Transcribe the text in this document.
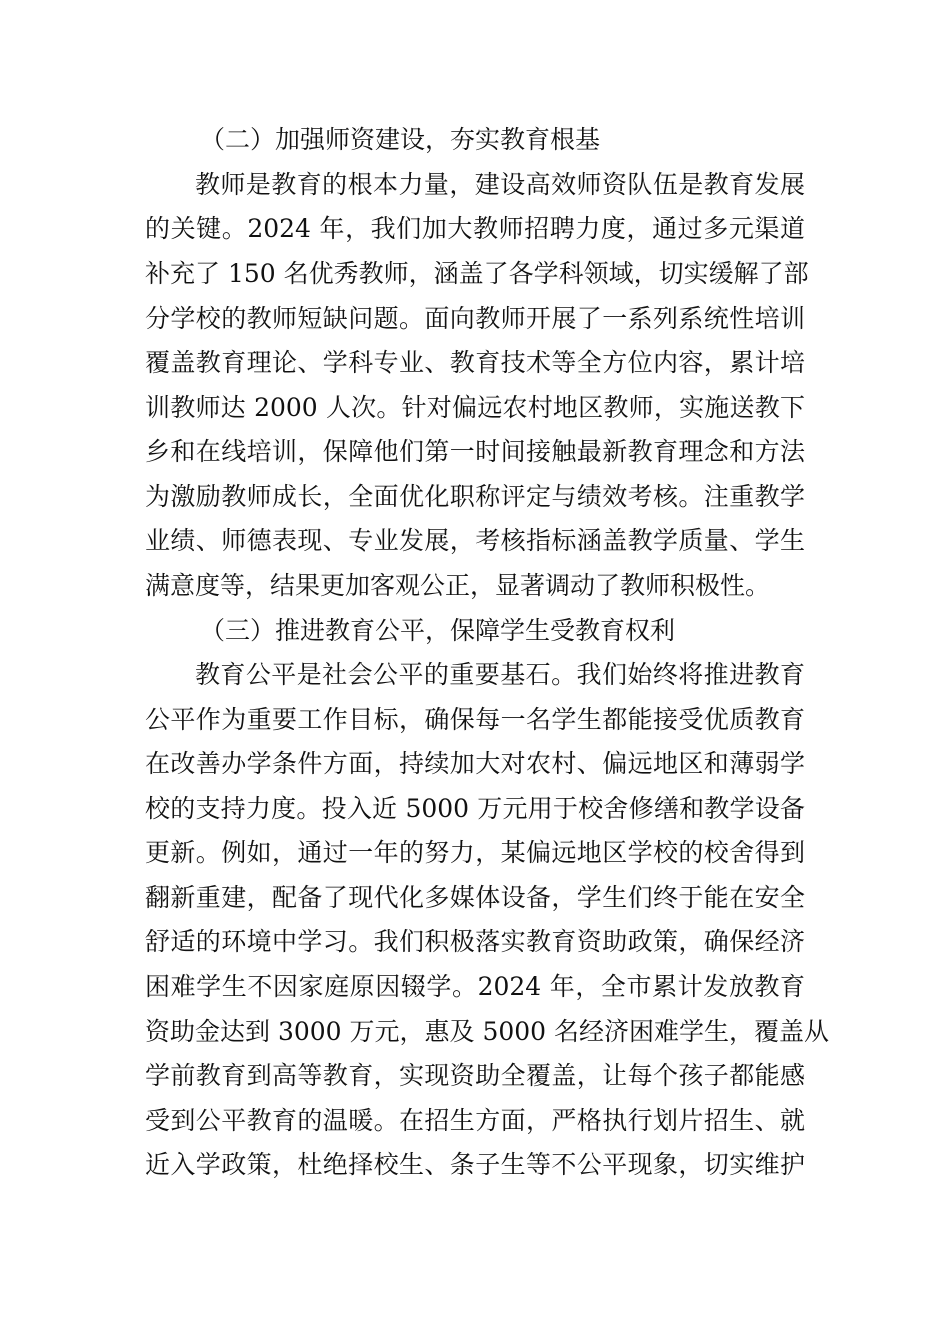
（二）加强师资建设，夯实教育根基
教师是教育的根本力量，建设高效师资队伍是教育发展
的关键。2024 年，我们加大教师招聘力度，通过多元渠道
补充了 150 名优秀教师，涵盖了各学科领域，切实缓解了部
分学校的教师短缺问题。面向教师开展了一系列系统性培训
覆盖教育理论、学科专业、教育技术等全方位内容，累计培
训教师达 2000 人次。针对偏远农村地区教师，实施送教下
乡和在线培训，保障他们第一时间接触最新教育理念和方法
为激励教师成长，全面优化职称评定与绩效考核。注重教学
业绩、师德表现、专业发展，考核指标涵盖教学质量、学生
满意度等，结果更加客观公正，显著调动了教师积极性。
（三）推进教育公平，保障学生受教育权利
教育公平是社会公平的重要基石。我们始终将推进教育
公平作为重要工作目标，确保每一名学生都能接受优质教育
在改善办学条件方面，持续加大对农村、偏远地区和薄弱学
校的支持力度。投入近 5000 万元用于校舍修缮和教学设备
更新。例如，通过一年的努力，某偏远地区学校的校舍得到
翻新重建，配备了现代化多媒体设备，学生们终于能在安全
舒适的环境中学习。我们积极落实教育资助政策，确保经济
困难学生不因家庭原因辍学。2024 年，全市累计发放教育
资助金达到 3000 万元，惠及 5000 名经济困难学生，覆盖从
学前教育到高等教育，实现资助全覆盖，让每个孩子都能感
受到公平教育的温暖。在招生方面，严格执行划片招生、就
近入学政策，杜绝择校生、条子生等不公平现象，切实维护
